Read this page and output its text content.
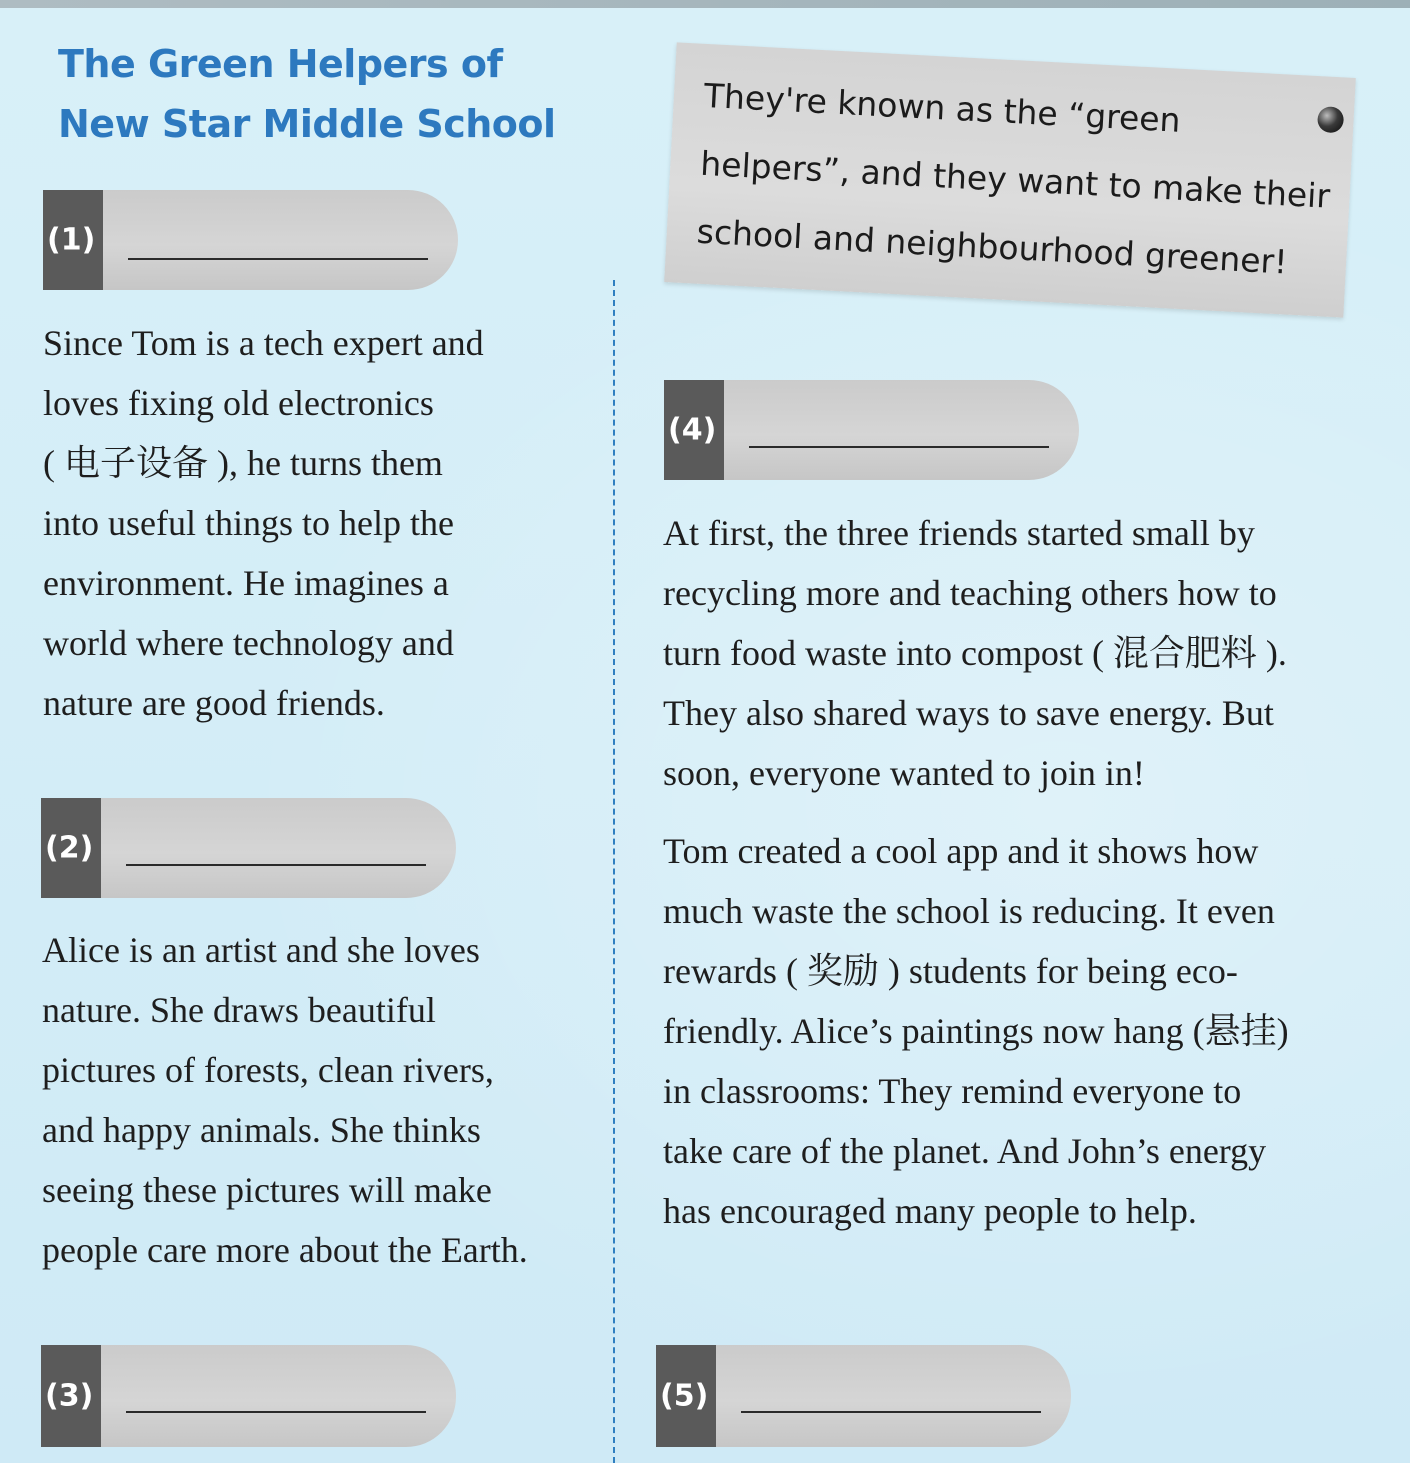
The Green Helpers of
New Star Middle School
(1)

Since Tom is a tech expert and
loves fixing old electronics
( 电子设备 ), he turns them
into useful things to help the
environment. He imagines a
world where technology and
nature are good friends.

(2)

Alice is an artist and she loves
nature. She draws beautiful
pictures of forests, clean rivers,
and happy animals. She thinks
seeing these pictures will make
people care more about the Earth.

(3)

They're known as the “green
helpers”, and they want to make their
school and neighbourhood greener!

(4)

At first, the three friends started small by
recycling more and teaching others how to
turn food waste into compost ( 混合肥料 ).
They also shared ways to save energy. But
soon, everyone wanted to join in!

Tom created a cool app and it shows how
much waste the school is reducing. It even
rewards ( 奖励 ) students for being eco-
friendly. Alice’s paintings now hang (悬挂)
in classrooms: They remind everyone to
take care of the planet. And John’s energy
has encouraged many people to help.

(5)
